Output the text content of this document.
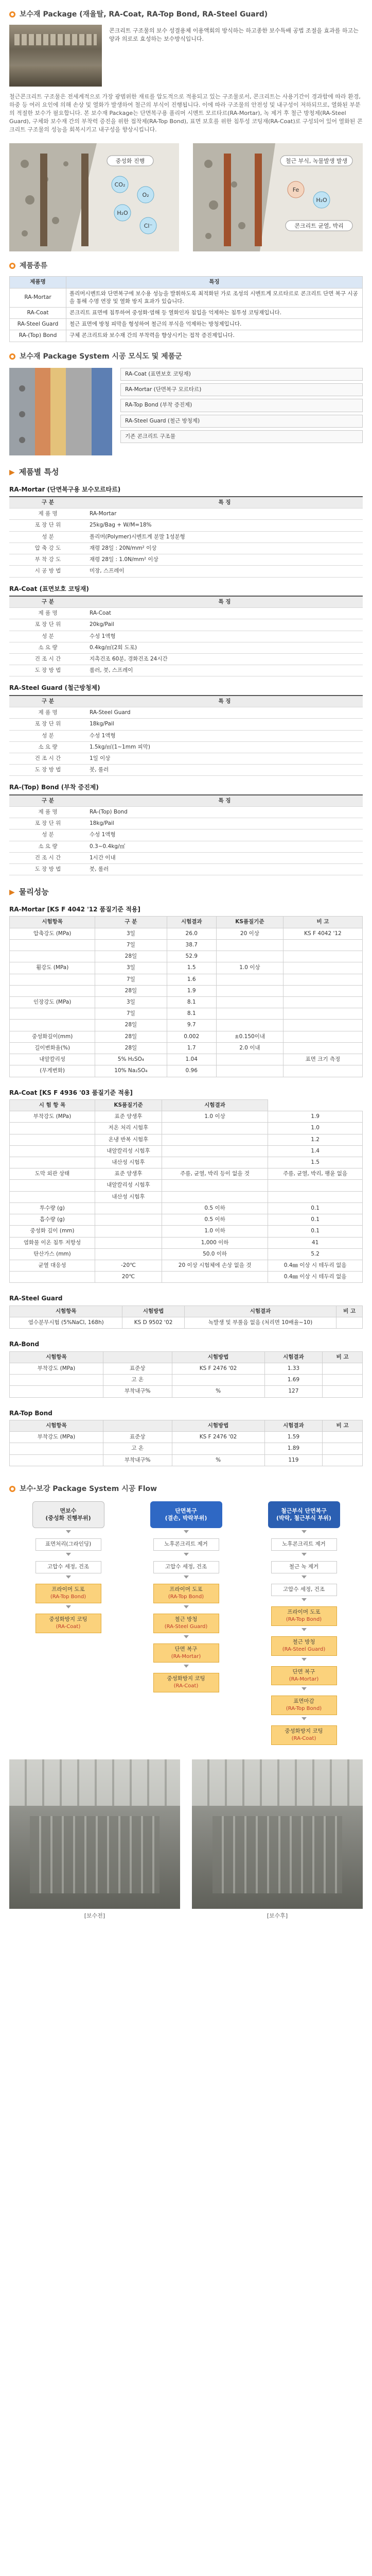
보수재 Package (재율탈, RA-Coat, RA-Top Bond, RA-Steel Guard)
콘크리트 구조물의 보수 성결용체 이용액회의 방식하는 하고종한 보수특배 공법 조절을 효과를 하고는 양과 의로로 효성하는 보수방식입니다.
철근콘크리트 구조물은 전세계적으로 가장 광범위한 재료를 압도적으로 적용되고 있는 구조물로서, 콘크리트는 사용기간이 경과함에 따라 환경, 하중 등 여러 요인에 의해 손상 및 열화가 발생하여 철근의 부식이 진행됩니다. 이에 따라 구조물의 안전성 및 내구성이 저하되므로, 열화된 부분의 적절한 보수가 필요합니다. 본 보수재 Package는 단면복구용 폴리머 시멘트 모르타르(RA-Mortar), 녹 제거 후 철근 방청제(RA-Steel Guard), 구체와 보수재 간의 부착력 증진을 위한 접착제(RA-Top Bond), 표면 보호를 위한 침투성 코팅재(RA-Coat)로 구성되어 있어 열화된 콘크리트 구조물의 성능을 회복시키고 내구성을 향상시킵니다.
중성화 진행
CO₂
O₂
H₂O
Cl⁻
철근 부식, 녹물발생 발생
Fe
H₂O
콘크리트 균열, 박리
제품종류
제품명	특징
RA-Mortar	폴리머시멘트와 단면복구에 보수용 성능을 발휘하도록 최적화된 가로 조성의 시멘트계 모르타르로 콘크리트 단면 복구 시공을 통해 수명 연장 및 열화 방지 효과가 있습니다.
RA-Coat	콘크리트 표면에 침투하여 중성화·염해 등 열화인자 침입을 억제하는 침투성 코팅재입니다.
RA-Steel Guard	철근 표면에 방청 피막을 형성하여 철근의 부식을 억제하는 방청제입니다.
RA-(Top) Bond	구체 콘크리트와 보수재 간의 부착력을 향상시키는 접착 증진제입니다.
보수재 Package System 시공 모식도 및 제품군
RA-Coat (표면보호 코팅재)
RA-Mortar (단면복구 모르타르)
RA-Top Bond (부착 증진제)
RA-Steel Guard (철근 방청제)
기존 콘크리트 구조물
▶ 제품별 특성
RA-Mortar (단면복구용 보수모르타르)
구 분	특 징
제 품 명	RA-Mortar
포 장 단 위	25kg/Bag + W/M=18%
성 분	폴리머(Polymer)시멘트계 분말 1성분형
압 축 강 도	재령 28일 : 20N/mm² 이상
부 착 강 도	재령 28일 : 1.0N/mm² 이상
시 공 방 법	미장, 스프레이
RA-Coat (표면보호 코팅재)
구 분	특 징
제 품 명	RA-Coat
포 장 단 위	20kg/Pail
성 분	수성 1액형
소 요 량	0.4kg/㎡(2회 도포)
건 조 시 간	지촉건조 60분, 경화건조 24시간
도 장 방 법	롤러, 붓, 스프레이
RA-Steel Guard (철근방청제)
구 분	특 징
제 품 명	RA-Steel Guard
포 장 단 위	18kg/Pail
성 분	수성 1액형
소 요 량	1.5kg/㎡(1~1mm 피막)
건 조 시 간	1일 이상
도 장 방 법	붓, 롤러
RA-(Top) Bond (부착 증진제)
구 분	특 징
제 품 명	RA-(Top) Bond
포 장 단 위	18kg/Pail
성 분	수성 1액형
소 요 량	0.3~0.4kg/㎡
건 조 시 간	1시간 이내
도 장 방 법	붓, 롤러
▶ 물리성능
RA-Mortar [KS F 4042 '12 품질기준 적용]
시험항목	구 분	시험결과	KS품질기준	비 고
압축강도 (MPa)	3일	26.0	20 이상	KS F 4042 '12
	7일	38.7		
	28일	52.9		
휨강도 (MPa)	3일	1.5	1.0 이상	
	7일	1.6		
	28일	1.9		
인장강도 (MPa)	3일	8.1		
	7일	8.1		
	28일	9.7		
중성화깊이(mm)	28일	0.002	±0.150이내	
길이변화율(%)	28일	1.7	2.0 이내	
내알칼리성	5% H₂SO₄	1.04		표면 크기 측정
(무게변화)	10% Na₂SO₄	0.96		
RA-Coat [KS F 4936 '03 품질기준 적용]
시 험 항 목	KS품질기준	시험결과	
부착강도 (MPa)	표준 양생후	1.0 이상	1.9
	저온 처리 시험후		1.0
	온냉 반복 시험후		1.2
	내알칼리성 시험후		1.4
	내산성 시험후		1.5
도막 외관 상태	표준 양생후	주름, 균열, 박리 등이 없을 것	주름, 균열, 박리, 팽윤 없음
	내알칼리성 시험후		
	내산성 시험후		
투수량 (g)		0.5 이하	0.1
흡수량 (g)		0.5 이하	0.1
중성화 깊이 (mm)		1.0 이하	0.1
염화물 이온 침투 저항성		1,000 이하	41
탄산가스 (mm)		50.0 이하	5.2
균열 대응성	-20℃	20 이상 시험체에 손상 없을 것	0.4㎜ 이상 시 테두리 없음
	20℃		0.4㎜ 이상 시 테두리 없음
RA-Steel Guard
시험항목	시험방법	시험결과	비 고
염수분무시험 (5%NaCl, 168h)	KS D 9502 '02	녹발생 및 부풀음 없음 (처리면 10배율~10)	
RA-Bond
시험항목		시험방법	시험결과	비 고
부착강도 (MPa)	표준상	KS F 2476 '02	1.33	
	고 온		1.69	
	부착내구%	%	127	
RA-Top Bond
시험항목		시험방법	시험결과	비 고
부착강도 (MPa)	표준상	KS F 2476 '02	1.59	
	고 온		1.89	
	부착내구%	%	119	
보수·보강 Package System 시공 Flow
면보수
(중성화 진행부위)
표면처리(그라인딩)
고압수 세정, 건조
프라이머 도포
(RA-Top Bond)
중성화방지 코팅
(RA-Coat)
단면복구
(결손, 박락부위)
노후콘크리트 제거
고압수 세정, 건조
프라이머 도포
(RA-Top Bond)
철근 방청
(RA-Steel Guard)
단면 복구
(RA-Mortar)
중성화방지 코팅
(RA-Coat)
철근부식 단면복구
(박락, 철근부식 부위)
노후콘크리트 제거
철근 녹 제거
고압수 세정, 건조
프라이머 도포
(RA-Top Bond)
철근 방청
(RA-Steel Guard)
단면 복구
(RA-Mortar)
표면마감
(RA-Top Bond)
중성화방지 코팅
(RA-Coat)
[보수전]	[보수후]
